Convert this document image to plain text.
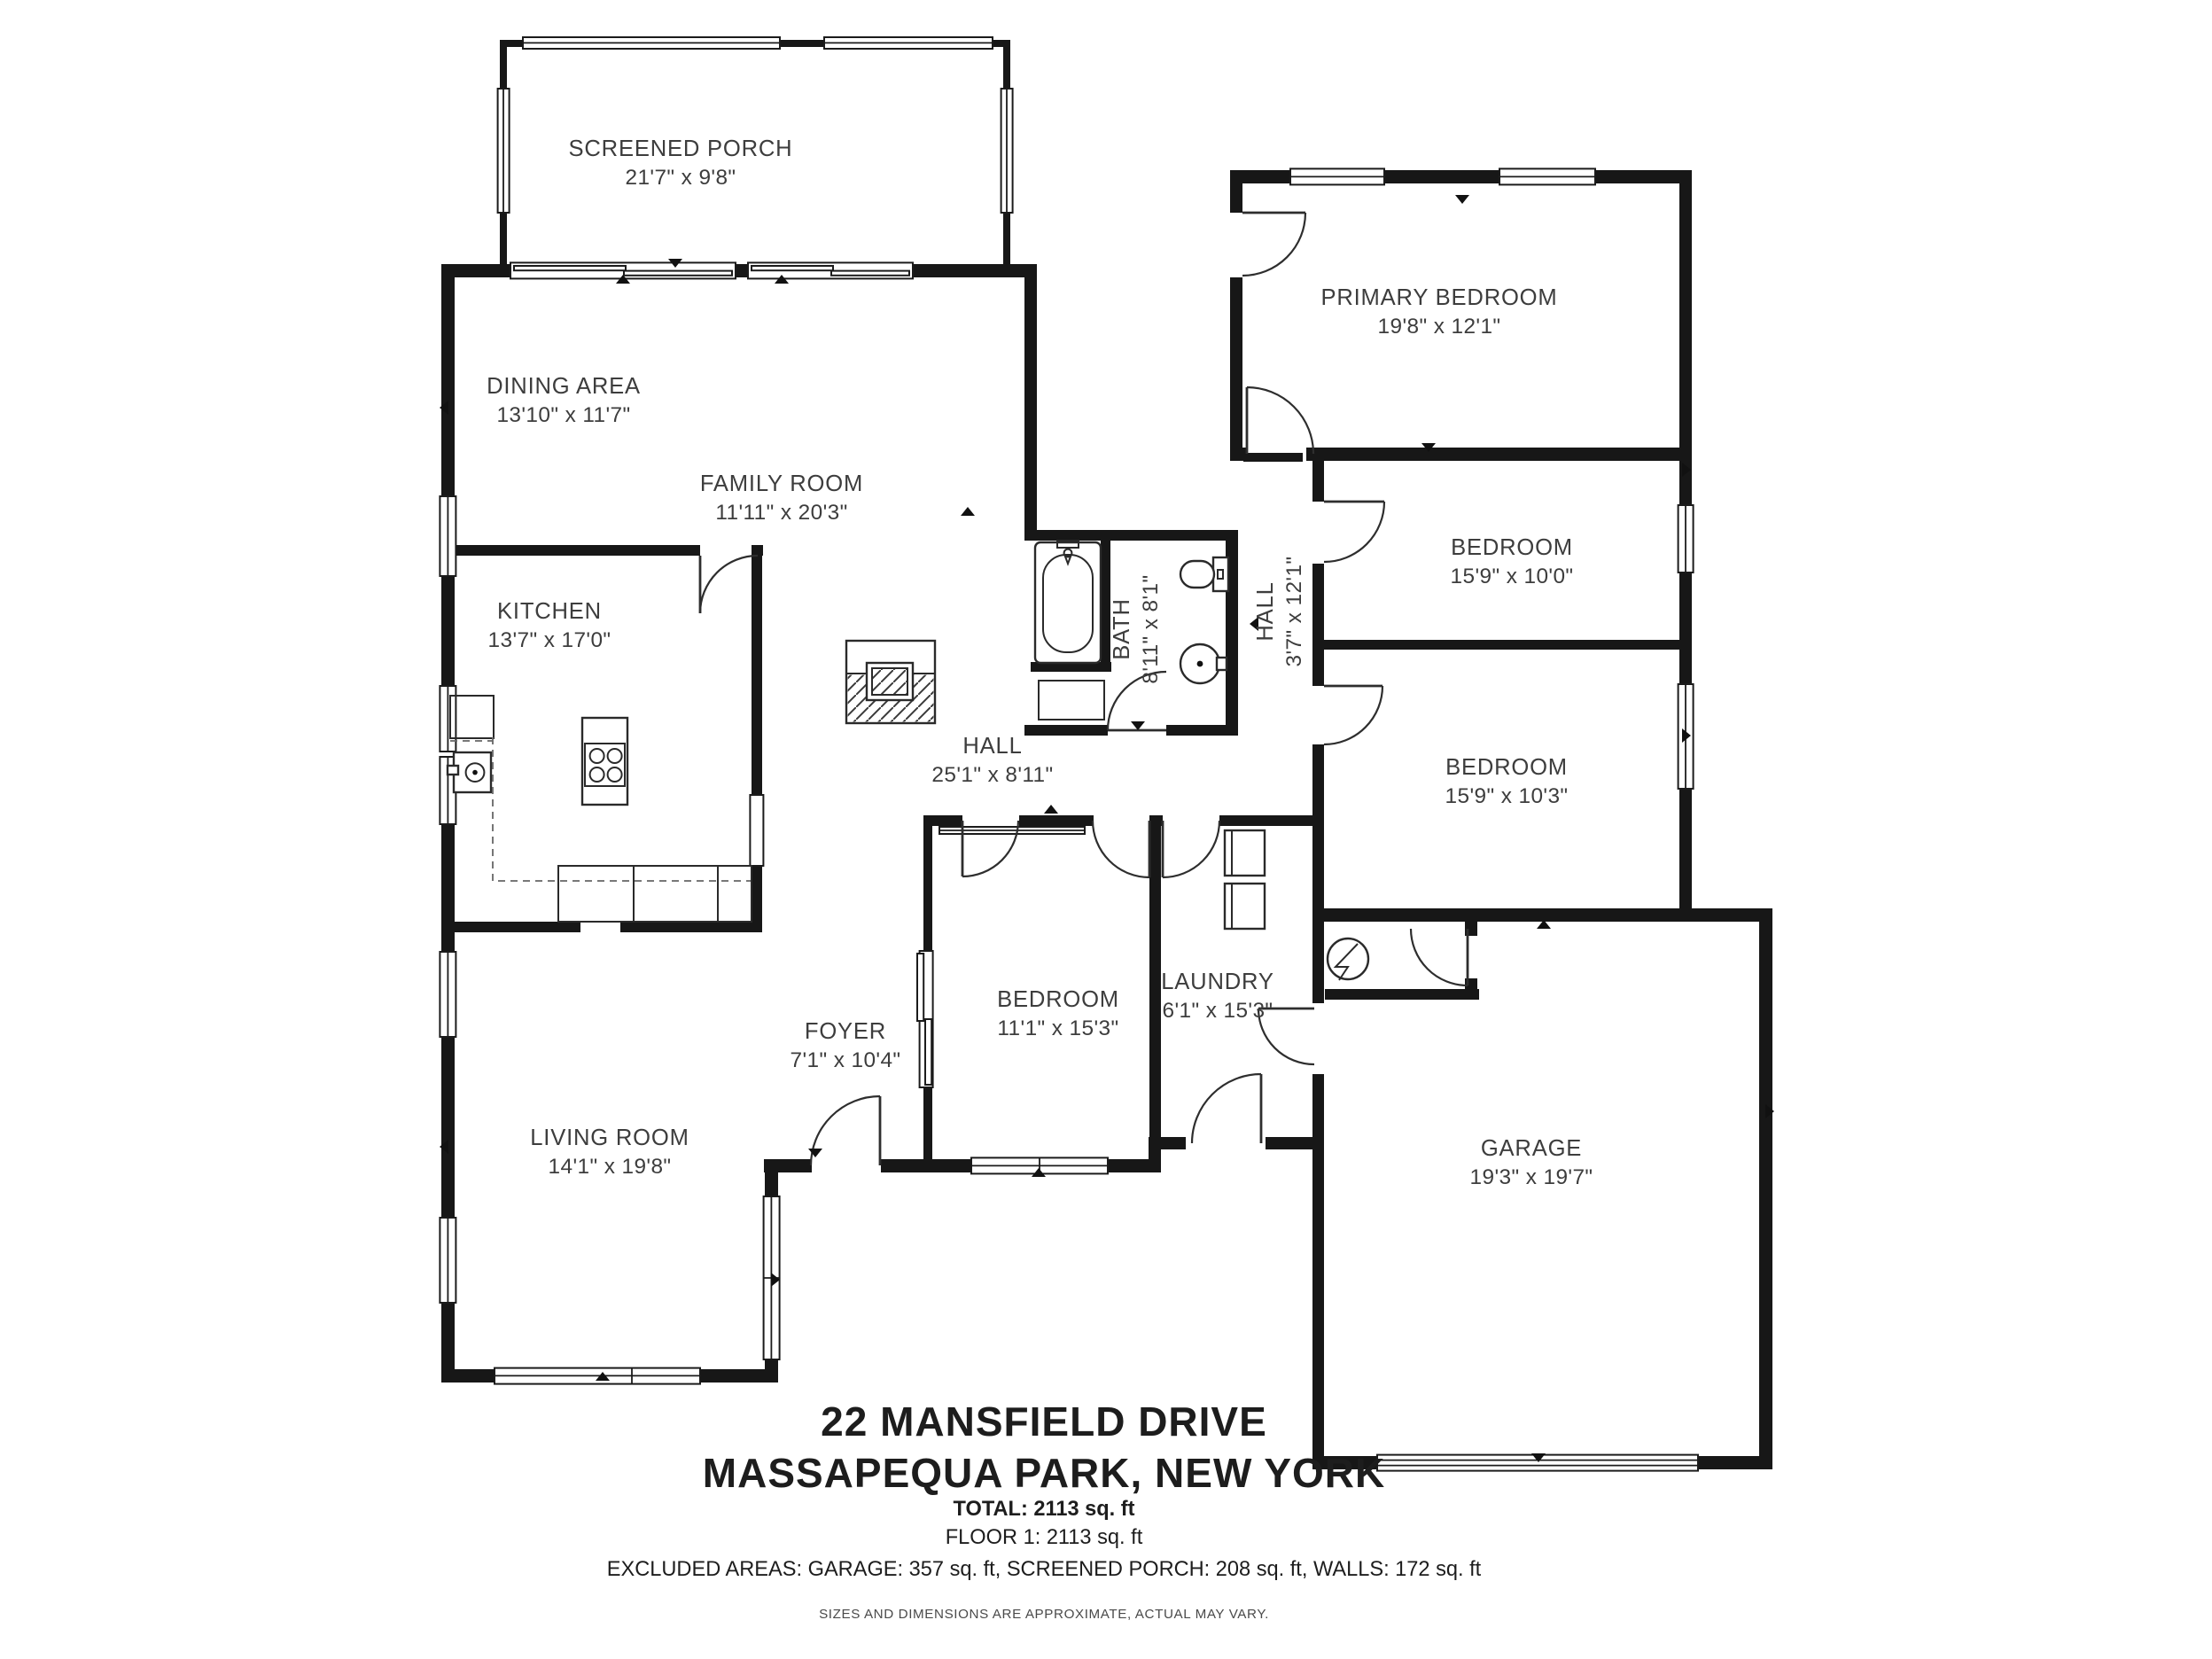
SCREENED PORCH
21'7" x 9'8"
DINING AREA
13'10" x 11'7"
FAMILY ROOM
11'11" x 20'3"
KITCHEN
13'7" x 17'0"
PRIMARY BEDROOM
19'8" x 12'1"
BEDROOM
15'9" x 10'0"
BEDROOM
15'9" x 10'3"
BATH 8'11" x 8'1"	HALL 3'7" x 12'1"
HALL
25'1" x 8'11"
FOYER
7'1" x 10'4"
BEDROOM
11'1" x 15'3"
LAUNDRY
6'1" x 15'3"
LIVING ROOM
14'1" x 19'8"
GARAGE
19'3" x 19'7"
22 MANSFIELD DRIVE
MASSAPEQUA PARK, NEW YORK
TOTAL: 2113 sq. ft
FLOOR 1: 2113 sq. ft
EXCLUDED AREAS: GARAGE: 357 sq. ft, SCREENED PORCH: 208 sq. ft, WALLS: 172 sq. ft
SIZES AND DIMENSIONS ARE APPROXIMATE, ACTUAL MAY VARY.
